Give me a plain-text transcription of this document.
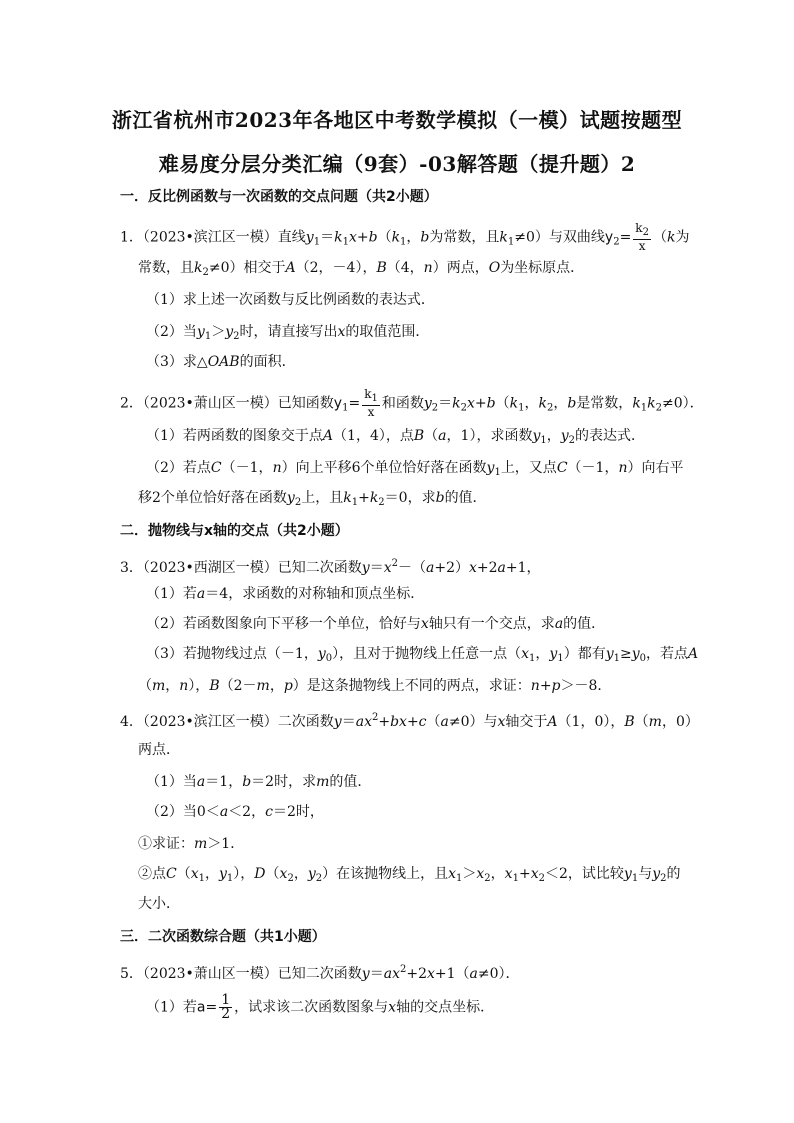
浙江省杭州市2023年各地区中考数学模拟（一模）试题按题型
难易度分层分类汇编（9套）-03解答题（提升题）2
一．反比例函数与一次函数的交点问题（共2小题）
1．（2023•滨江区一模）直线$y_1=k_1x+b(k_1$，b为常数，且$k_1\ne 0$）与双曲线$y_2= \frac{k_2}{x} (k$为
常数，且$k_2\ne 0$）相交于A（2，－4），B（4，n）两点，O为坐标原点．
（1）求上述一次函数与反比例函数的表达式．
（2）当$y_1>y_2$时，请直接写出x的取值范围．
（3）求△OAB的面积．
2．（2023•萧山区一模）已知函数$y_1= \frac{k_1}{x}$ 和函数$y_2=k_2x+b(k_1$，$k_2$，b是常数，$k_1k_2\ne 0$）．
（1）若两函数的图象交于点A（1，4），点B（a，1），求函数$y_1$，$y_2$的表达式．
（2）若点C（－1，n）向上平移6个单位恰好落在函数$y_1$上，又点C（－1，n）向右平
移2个单位恰好落在函数$y_2$上，且$k_1+k_2=0$，求b的值．
二．抛物线与x轴的交点（共2小题）
3．（2023•西湖区一模）已知二次函数$y=x^2-(a+2)x+2a+1$，
（1）若a＝4，求函数的对称轴和顶点坐标．
（2）若函数图象向下平移一个单位，恰好与x轴只有一个交点，求a的值．
（3）若抛物线过点（－1，$y_0$），且对于抛物线上任意一点（$x_1$，$y_1$）都有$y_1\ge y_0$，若点A
（m，n），B（2－m，p）是这条抛物线上不同的两点，求证：n+p＞－8．
4．（2023•滨江区一模）二次函数$y=ax^2+bx+c(a\ne 0)$与x轴交于A（1，0），B（m，0）
两点．
（1）当a＝1，b＝2时，求m的值．
（2）当0＜a＜2，c＝2时，
①求证：m＞1．
②点$C(x_1$，$y_1$），$D(x_2$，$y_2$）在该抛物线上，且$x_1>x_2$，$x_1+x_2<2$，试比较$y_1$与$y_2$的
大小．
三．二次函数综合题（共1小题）
5．（2023•萧山区一模）已知二次函数$y=ax^2+2x+1(a\ne 0)$．
（1）若$a= \frac{1}{2}$ ，试求该二次函数图象与x轴的交点坐标．
